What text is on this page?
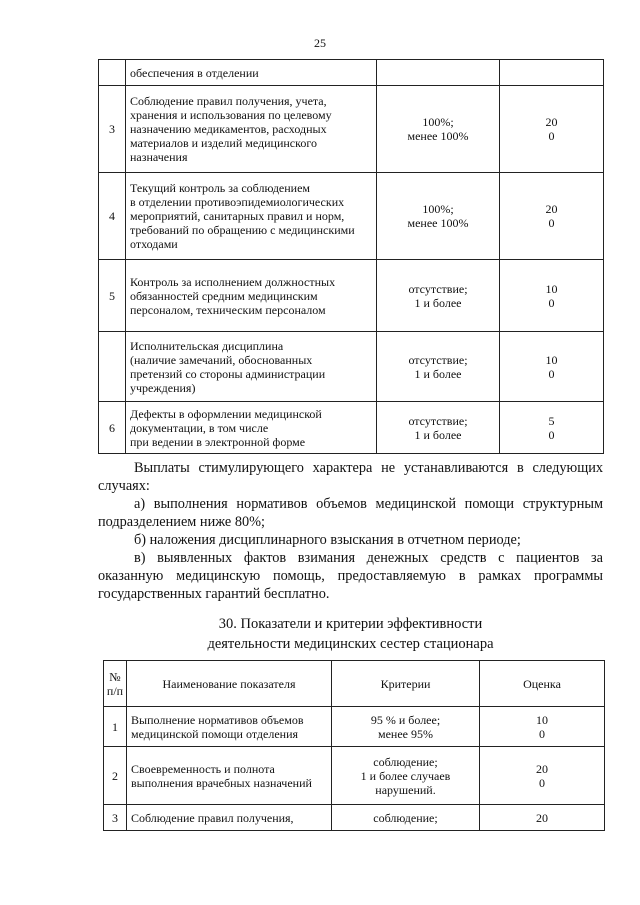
25

	обеспечения в отделении		

3	Соблюдение правил получения, учета,
хранения и использования по целевому
назначению медикаментов, расходных
материалов и изделий медицинского
назначения	100%;
менее 100%	20
0

4	Текущий контроль за соблюдением
в отделении противоэпидемиологических
мероприятий, санитарных правил и норм,
требований по обращению с медицинскими
отходами	100%;
менее 100%	20
0

5	Контроль за исполнением должностных
обязанностей средним медицинским
персоналом, техническим персоналом	отсутствие;
1 и более	10
0

	Исполнительская дисциплина
(наличие замечаний, обоснованных
претензий со стороны администрации
учреждения)	отсутствие;
1 и более	10
0

6	Дефекты в оформлении медицинской
документации, в том числе
при ведении в электронной форме	отсутствие;
1 и более	5
0

Выплаты стимулирующего характера не устанавливаются в следующих случаях:

а) выполнения нормативов объемов медицинской помощи структурным подразделением ниже 80%;

б) наложения дисциплинарного взыскания в отчетном периоде;

в) выявленных фактов взимания денежных средств с пациентов за оказанную медицинскую помощь, предоставляемую в рамках программы государственных гарантий бесплатно.

30. Показатели и критерии эффективности

деятельности медицинских сестер стационара

№ п/п	Наименование показателя	Критерии	Оценка
1	Выполнение нормативов объемов
медицинской помощи отделения	95 % и более;
менее 95%	10
0

2	Своевременность и полнота
выполнения врачебных назначений	соблюдение;
1 и более случаев
нарушений.	20
0

3	Соблюдение правил получения,	соблюдение;	20
